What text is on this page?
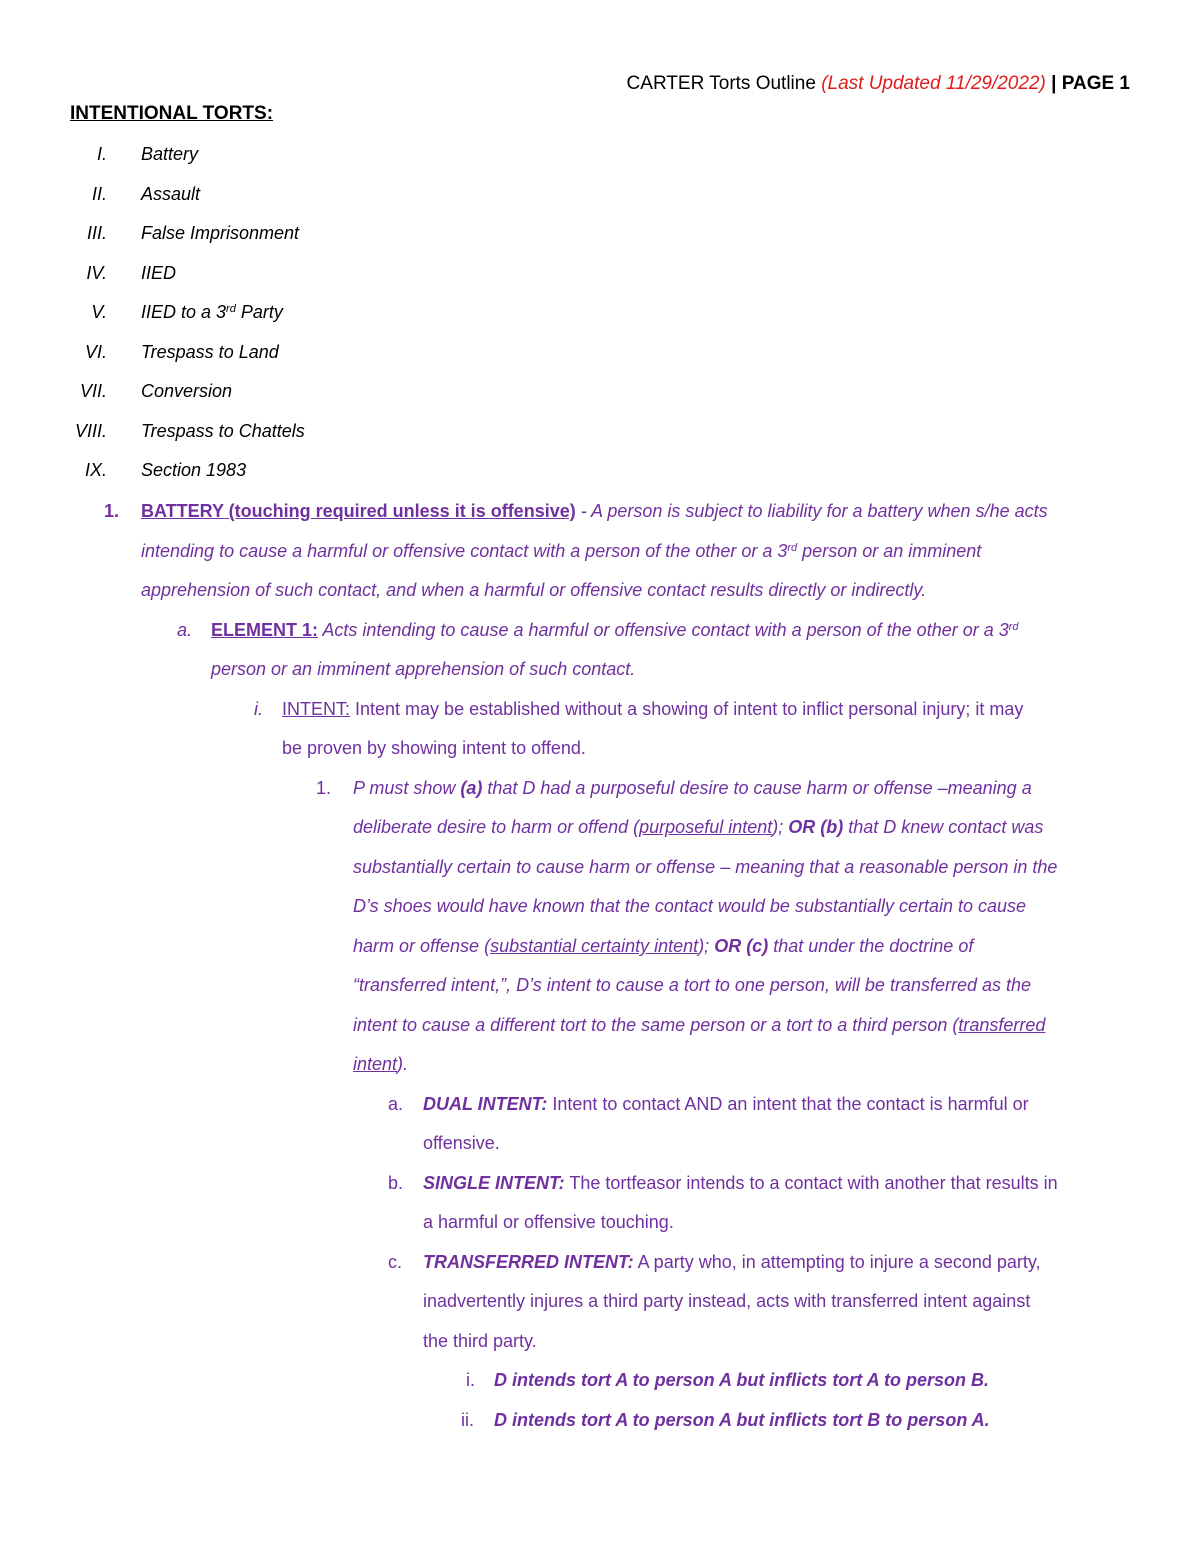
CARTER Torts Outline (Last Updated 11/29/2022) | PAGE 1
INTENTIONAL TORTS:
I. Battery
II. Assault
III. False Imprisonment
IV. IIED
V. IIED to a 3rd Party
VI. Trespass to Land
VII. Conversion
VIII. Trespass to Chattels
IX. Section 1983
1. BATTERY (touching required unless it is offensive) - A person is subject to liability for a battery when s/he acts
intending to cause a harmful or offensive contact with a person of the other or a 3rd person or an imminent
apprehension of such contact, and when a harmful or offensive contact results directly or indirectly.
a. ELEMENT 1: Acts intending to cause a harmful or offensive contact with a person of the other or a 3rd
person or an imminent apprehension of such contact.
i. INTENT: Intent may be established without a showing of intent to inflict personal injury; it may
be proven by showing intent to offend.
1. P must show (a) that D had a purposeful desire to cause harm or offense –meaning a
deliberate desire to harm or offend (purposeful intent); OR (b) that D knew contact was
substantially certain to cause harm or offense – meaning that a reasonable person in the
D’s shoes would have known that the contact would be substantially certain to cause
harm or offense (substantial certainty intent); OR (c) that under the doctrine of
“transferred intent,”, D’s intent to cause a tort to one person, will be transferred as the
intent to cause a different tort to the same person or a tort to a third person (transferred
intent).
a. DUAL INTENT: Intent to contact AND an intent that the contact is harmful or
offensive.
b. SINGLE INTENT: The tortfeasor intends to a contact with another that results in
a harmful or offensive touching.
c. TRANSFERRED INTENT: A party who, in attempting to injure a second party,
inadvertently injures a third party instead, acts with transferred intent against
the third party.
i. D intends tort A to person A but inflicts tort A to person B.
ii. D intends tort A to person A but inflicts tort B to person A.
